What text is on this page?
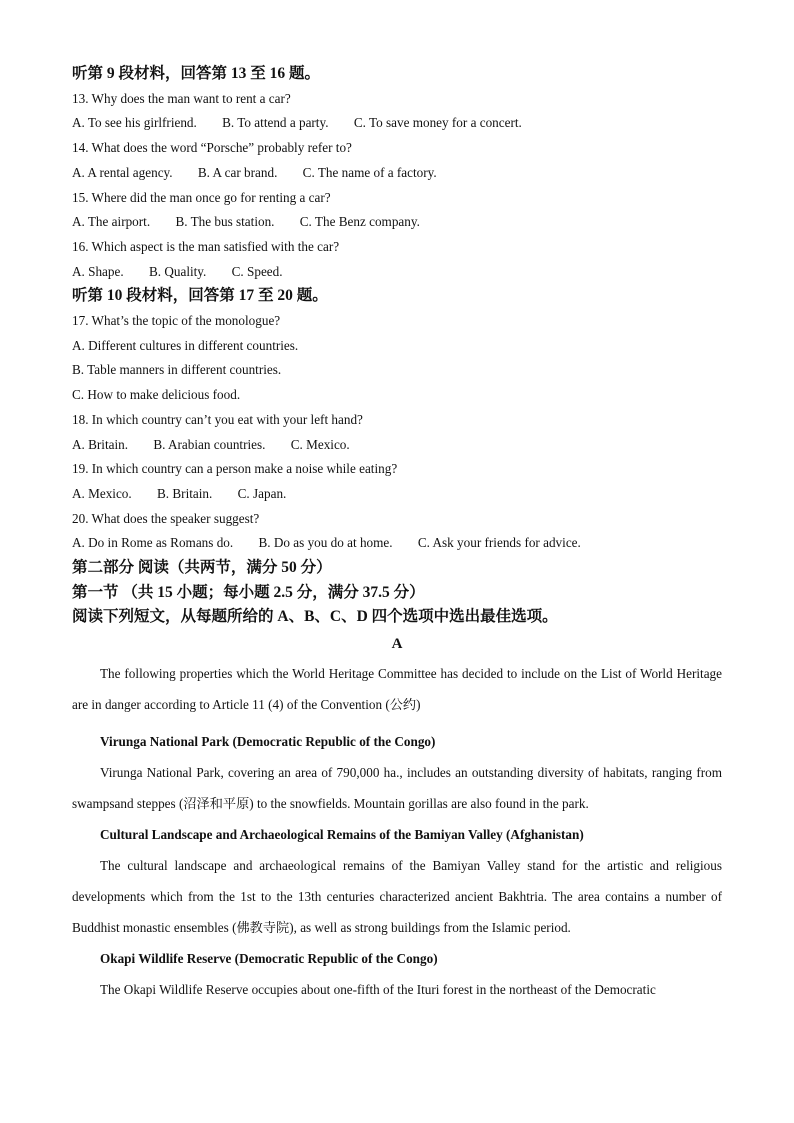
听第 9 段材料，回答第 13 至 16 题。
13. Why does the man want to rent a car?
A. To see his girlfriend. B. To attend a party. C. To save money for a concert.
14. What does the word “Porsche” probably refer to?
A. A rental agency. B. A car brand. C. The name of a factory.
15. Where did the man once go for renting a car?
A. The airport. B. The bus station. C. The Benz company.
16. Which aspect is the man satisfied with the car?
A. Shape. B. Quality. C. Speed.
听第 10 段材料，回答第 17 至 20 题。
17. What’s the topic of the monologue?
A. Different cultures in different countries.
B. Table manners in different countries.
C. How to make delicious food.
18. In which country can’t you eat with your left hand?
A. Britain. B. Arabian countries. C. Mexico.
19. In which country can a person make a noise while eating?
A. Mexico. B. Britain. C. Japan.
20. What does the speaker suggest?
A. Do in Rome as Romans do. B. Do as you do at home. C. Ask your friends for advice.
第二部分 阅读（共两节，满分 50 分）
第一节 （共 15 小题；每小题 2.5 分，满分 37.5 分）
阅读下列短文，从每题所给的 A、B、C、D 四个选项中选出最佳选项。
A

The following properties which the World Heritage Committee has decided to include on the List of World Heritage are in danger according to Article 11 (4) of the Convention (公约)

Virunga National Park (Democratic Republic of the Congo)

Virunga National Park, covering an area of 790,000 ha., includes an outstanding diversity of habitats, ranging from swampsand steppes (沼泽和平原) to the snowfields. Mountain gorillas are also found in the park.

Cultural Landscape and Archaeological Remains of the Bamiyan Valley (Afghanistan)

The cultural landscape and archaeological remains of the Bamiyan Valley stand for the artistic and religious developments which from the 1st to the 13th centuries characterized ancient Bakhtria. The area contains a number of Buddhist monastic ensembles (佛教寺院), as well as strong buildings from the Islamic period.

Okapi Wildlife Reserve (Democratic Republic of the Congo)

The Okapi Wildlife Reserve occupies about one-fifth of the Ituri forest in the northeast of the Democratic
